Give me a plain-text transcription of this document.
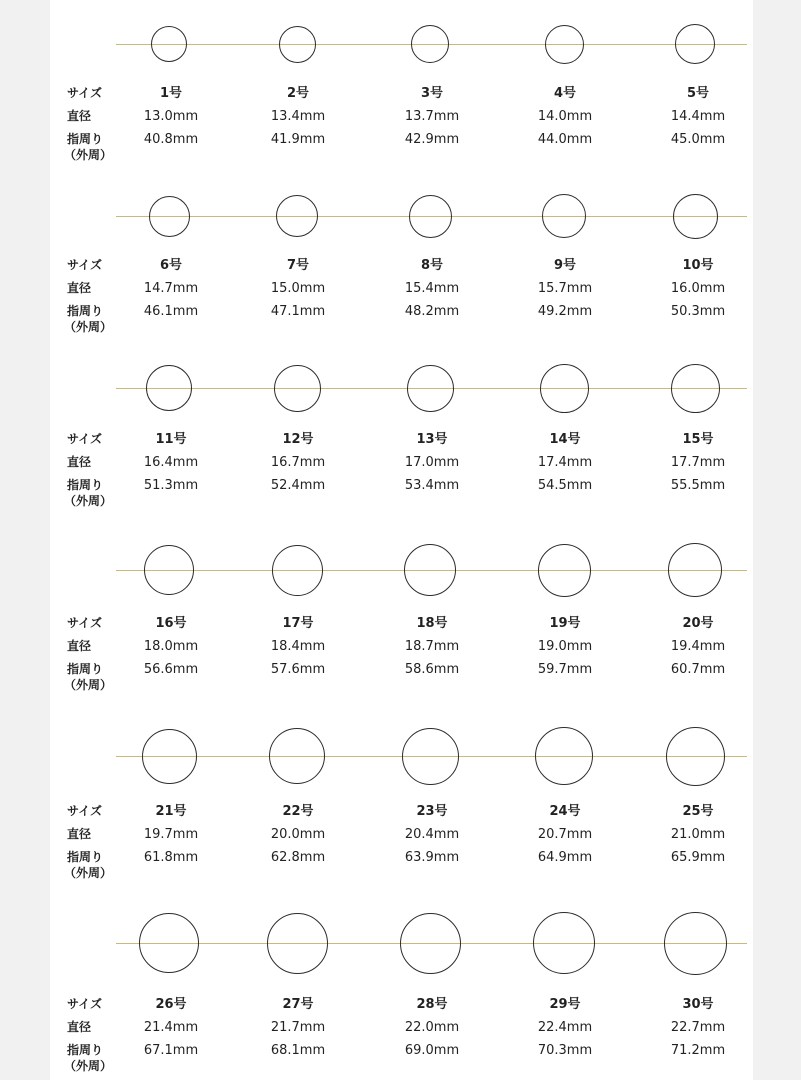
サイズ
直径
指周り
（外周）
1号
13.0mm
40.8mm
2号
13.4mm
41.9mm
3号
13.7mm
42.9mm
4号
14.0mm
44.0mm
5号
14.4mm
45.0mm
サイズ
直径
指周り
（外周）
6号
14.7mm
46.1mm
7号
15.0mm
47.1mm
8号
15.4mm
48.2mm
9号
15.7mm
49.2mm
10号
16.0mm
50.3mm
サイズ
直径
指周り
（外周）
11号
16.4mm
51.3mm
12号
16.7mm
52.4mm
13号
17.0mm
53.4mm
14号
17.4mm
54.5mm
15号
17.7mm
55.5mm
サイズ
直径
指周り
（外周）
16号
18.0mm
56.6mm
17号
18.4mm
57.6mm
18号
18.7mm
58.6mm
19号
19.0mm
59.7mm
20号
19.4mm
60.7mm
サイズ
直径
指周り
（外周）
21号
19.7mm
61.8mm
22号
20.0mm
62.8mm
23号
20.4mm
63.9mm
24号
20.7mm
64.9mm
25号
21.0mm
65.9mm
サイズ
直径
指周り
（外周）
26号
21.4mm
67.1mm
27号
21.7mm
68.1mm
28号
22.0mm
69.0mm
29号
22.4mm
70.3mm
30号
22.7mm
71.2mm
